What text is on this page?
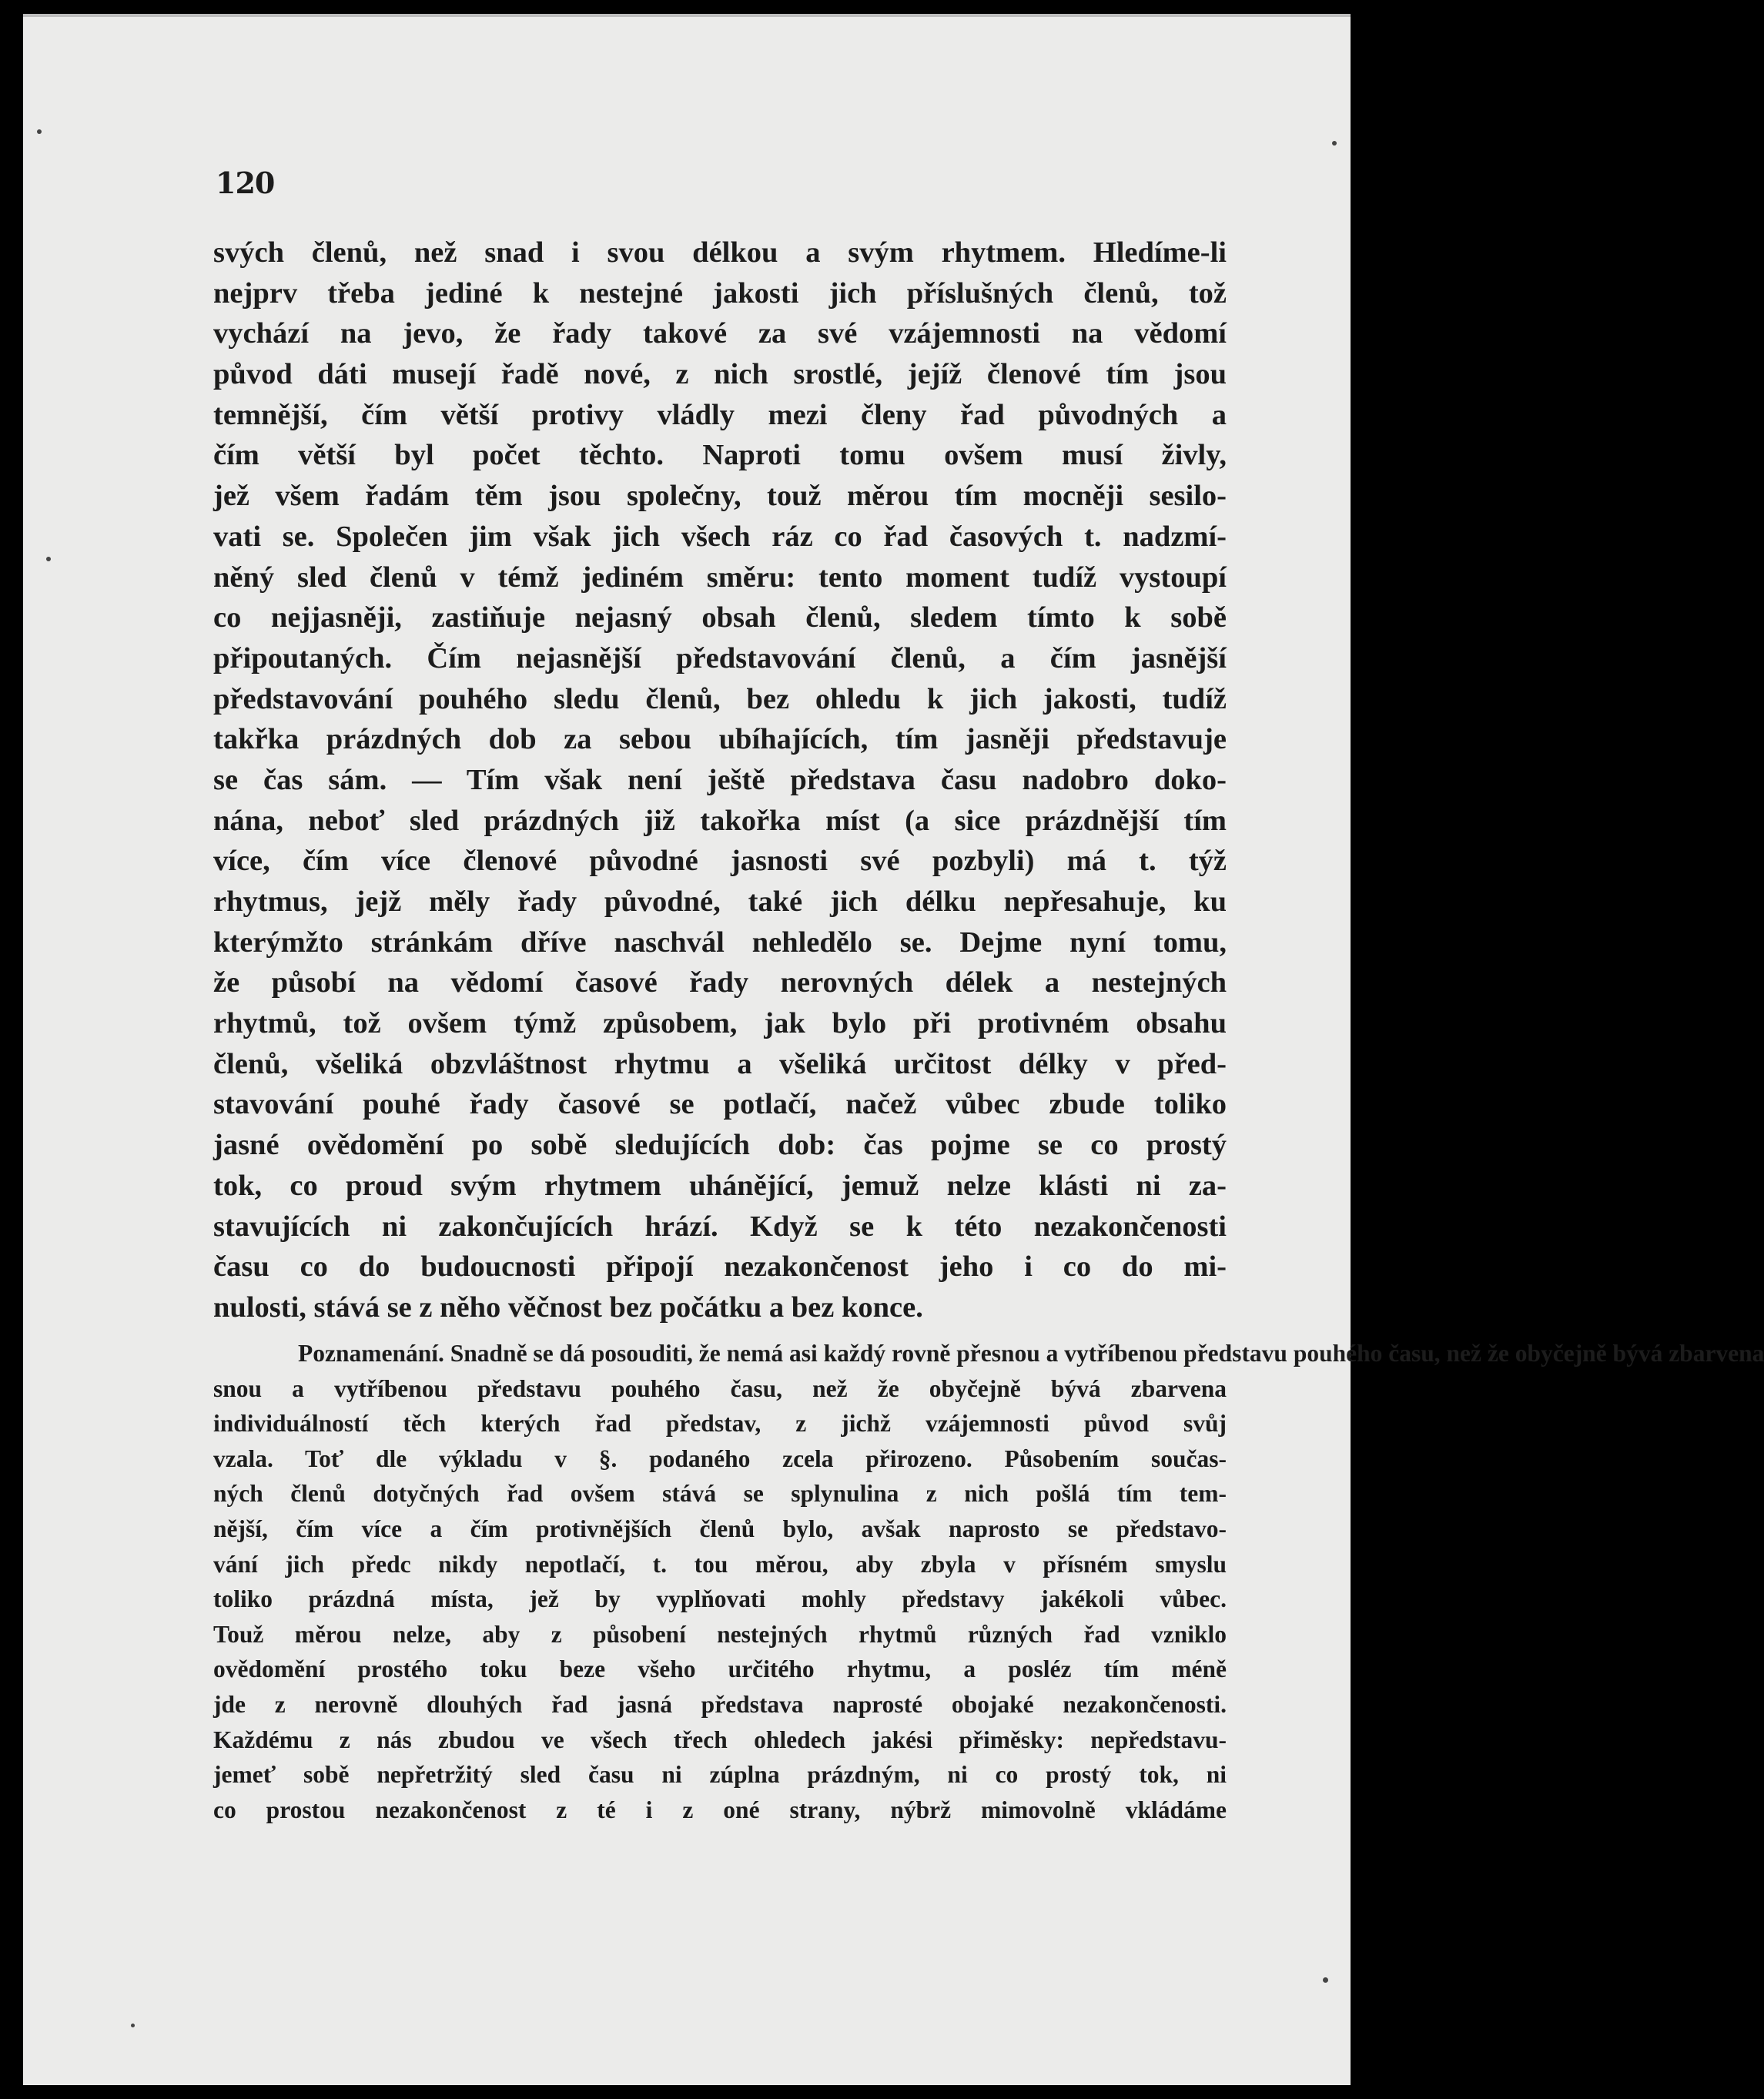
120
svých členů, než snad i svou délkou a svým rhytmem. Hledíme-li
nejprv třeba jediné k nestejné jakosti jich příslušných členů, tož
vychází na jevo, že řady takové za své vzájemnosti na vědomí
původ dáti musejí řadě nové, z nich srostlé, jejíž členové tím jsou
temnější, čím větší protivy vládly mezi členy řad původných a
čím větší byl počet těchto. Naproti tomu ovšem musí živly,
jež všem řadám těm jsou společny, touž měrou tím mocněji sesilo-
vati se. Společen jim však jich všech ráz co řad časových t. nadzmí-
něný sled členů v témž jediném směru: tento moment tudíž vystoupí
co nejjasněji, zastiňuje nejasný obsah členů, sledem tímto k sobě
připoutaných. Čím nejasnější představování členů, a čím jasnější
představování pouhého sledu členů, bez ohledu k jich jakosti, tudíž
takřka prázdných dob za sebou ubíhajících, tím jasněji představuje
se čas sám. — Tím však není ještě představa času nadobro doko-
nána, neboť sled prázdných již takořka míst (a sice prázdnější tím
více, čím více členové původné jasnosti své pozbyli) má t. týž
rhytmus, jejž měly řady původné, také jich délku nepřesahuje, ku
kterýmžto stránkám dříve naschvál nehledělo se. Dejme nyní tomu,
že působí na vědomí časové řady nerovných délek a nestejných
rhytmů, tož ovšem týmž způsobem, jak bylo při protivném obsahu
členů, všeliká obzvláštnost rhytmu a všeliká určitost délky v před-
stavování pouhé řady časové se potlačí, načež vůbec zbude toliko
jasné ovědomění po sobě sledujících dob: čas pojme se co prostý
tok, co proud svým rhytmem uhánějící, jemuž nelze klásti ni za-
stavujících ni zakončujících hrází. Když se k této nezakončenosti
času co do budoucnosti připojí nezakončenost jeho i co do mi-
nulosti, stává se z něho věčnost bez počátku a bez konce.
Poznamenání. Snadně se dá posouditi, že nemá asi každý rovně přesnou a vytříbenou představu pouhého času, než že obyčejně bývá zbarvena
snou a vytříbenou představu pouhého času, než že obyčejně bývá zbarvena
individuálností těch kterých řad představ, z jichž vzájemnosti původ svůj
vzala. Toť dle výkladu v §. podaného zcela přirozeno. Působením součas-
ných členů dotyčných řad ovšem stává se splynulina z nich pošlá tím tem-
nější, čím více a čím protivnějších členů bylo, avšak naprosto se představo-
vání jich předc nikdy nepotlačí, t. tou měrou, aby zbyla v přísném smyslu
toliko prázdná místa, jež by vyplňovati mohly představy jakékoli vůbec.
Touž měrou nelze, aby z působení nestejných rhytmů různých řad vzniklo
ovědomění prostého toku beze všeho určitého rhytmu, a posléz tím méně
jde z nerovně dlouhých řad jasná představa naprosté obojaké nezakončenosti.
Každému z nás zbudou ve všech třech ohledech jakési přiměsky: nepředstavu-
jemeť sobě nepřetržitý sled času ni zúplna prázdným, ni co prostý tok, ni
co prostou nezakončenost z té i z oné strany, nýbrž mimovolně vkládáme
